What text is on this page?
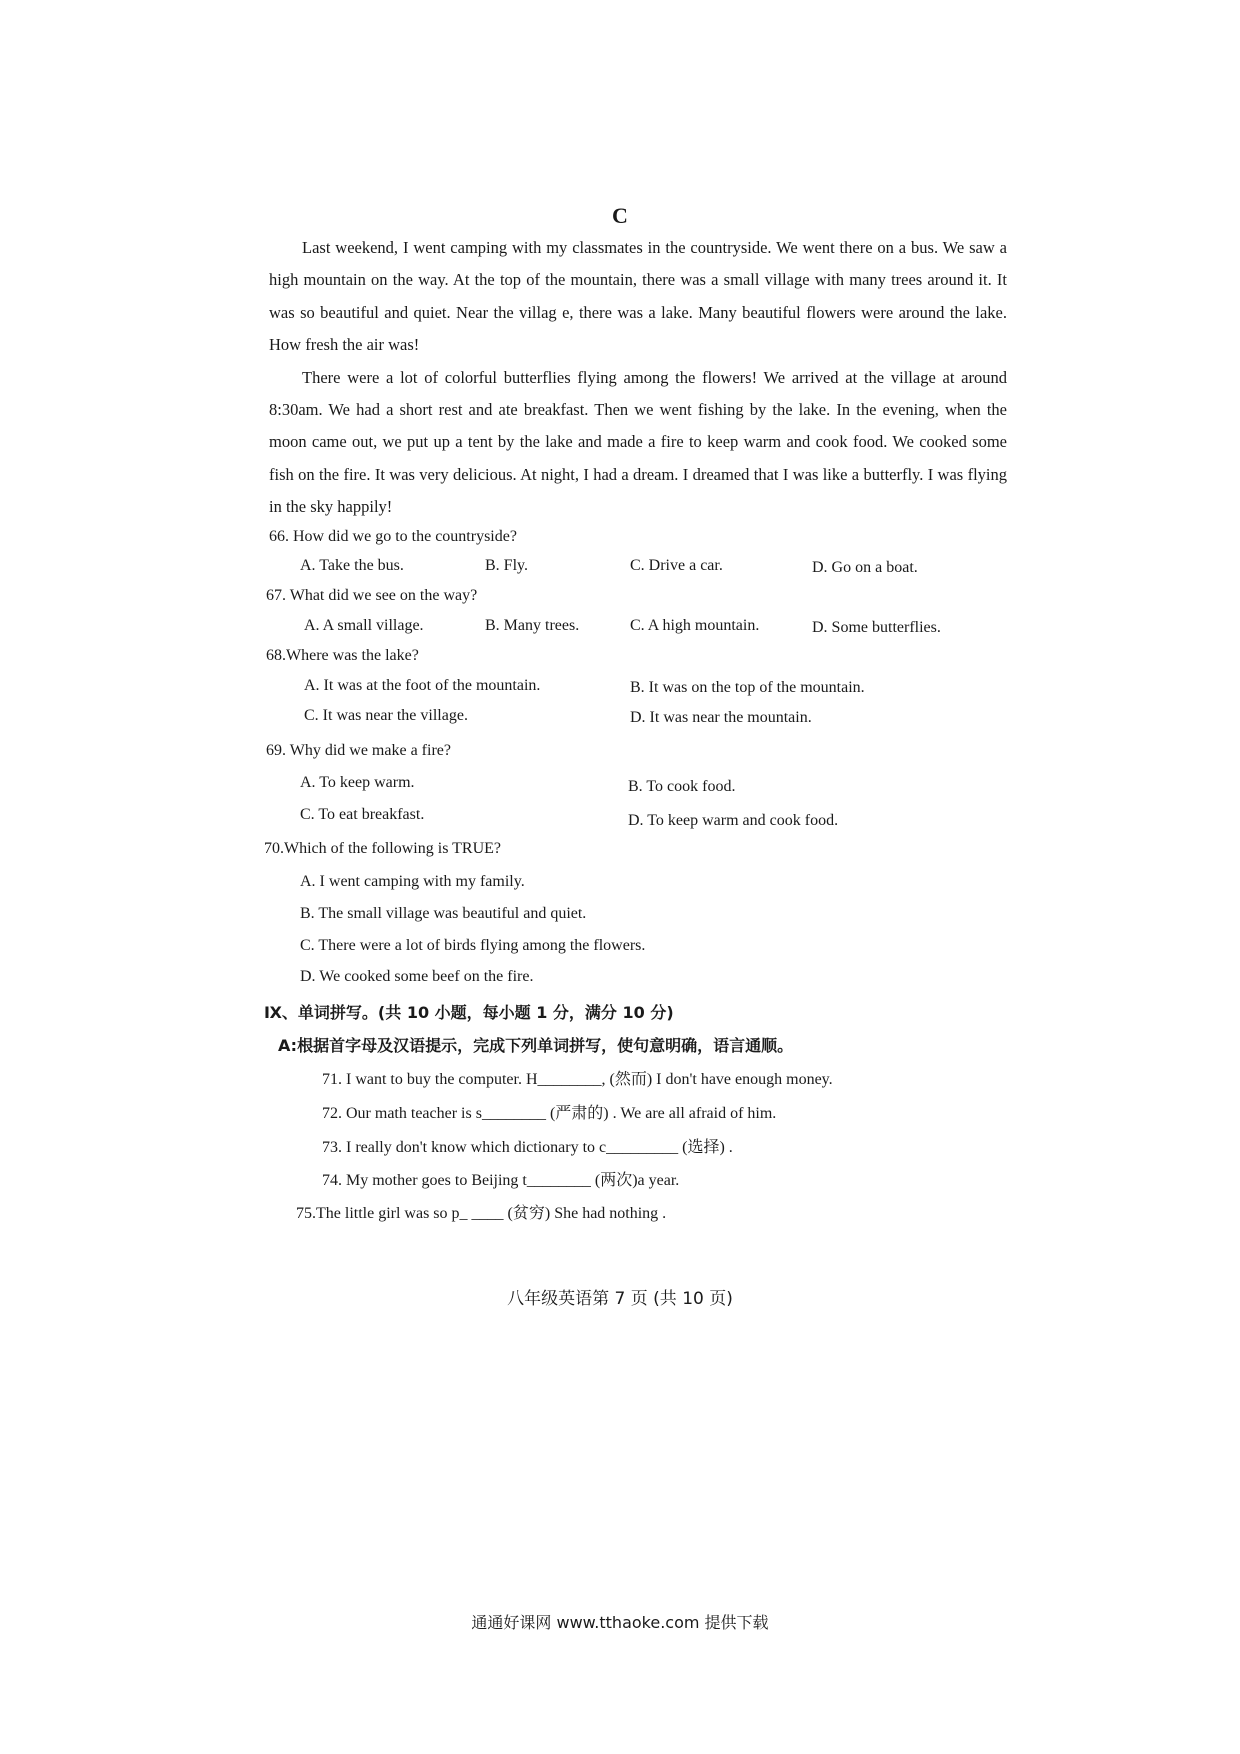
C

Last weekend, I went camping with my classmates in the countryside. We went there on a bus. We saw a high mountain on the way. At the top of the mountain, there was a small village with many trees around it. It was so beautiful and quiet. Near the villag e, there was a lake. Many beautiful flowers were around the lake. How fresh the air was!

There were a lot of colorful butterflies flying among the flowers! We arrived at the village at around 8:30am. We had a short rest and ate breakfast. Then we went fishing by the lake. In the evening, when the moon came out, we put up a tent by the lake and made a fire to keep warm and cook food. We cooked some fish on the fire. It was very delicious. At night, I had a dream. I dreamed that I was like a butterfly. I was flying in the sky happily!

66. How did we go to the countryside?
A. Take the bus.	B. Fly.	C. Drive a car.	D. Go on a boat.
67. What did we see on the way?
A. A small village.	B. Many trees.	C. A high mountain.	D. Some butterflies.
68.Where was the lake?
A. It was at the foot of the mountain.	B. It was on the top of the mountain.
C. It was near the village.	D. It was near the mountain.
69. Why did we make a fire?
A. To keep warm.	B. To cook food.
C. To eat breakfast.	D. To keep warm and cook food.
70.Which of the following is TRUE?
A. I went camping with my family.
B. The small village was beautiful and quiet.
C. There were a lot of birds flying among the flowers.
D. We cooked some beef on the fire.
Ⅸ、单词拼写。(共 10 小题，每小题 1 分，满分 10 分)
A:根据首字母及汉语提示，完成下列单词拼写，使句意明确，语言通顺。
71. I want to buy the computer. H________, (然而) I don't have enough money.
72. Our math teacher is s________ (严肃的) . We are all afraid of him.
73. I really don't know which dictionary to c_________ (选择) .
74. My mother goes to Beijing t________ (两次)a year.
75.The little girl was so p_ ____ (贫穷) She had nothing .
八年级英语第 7 页 (共 10 页)
通通好课网 www.tthaoke.com 提供下载
